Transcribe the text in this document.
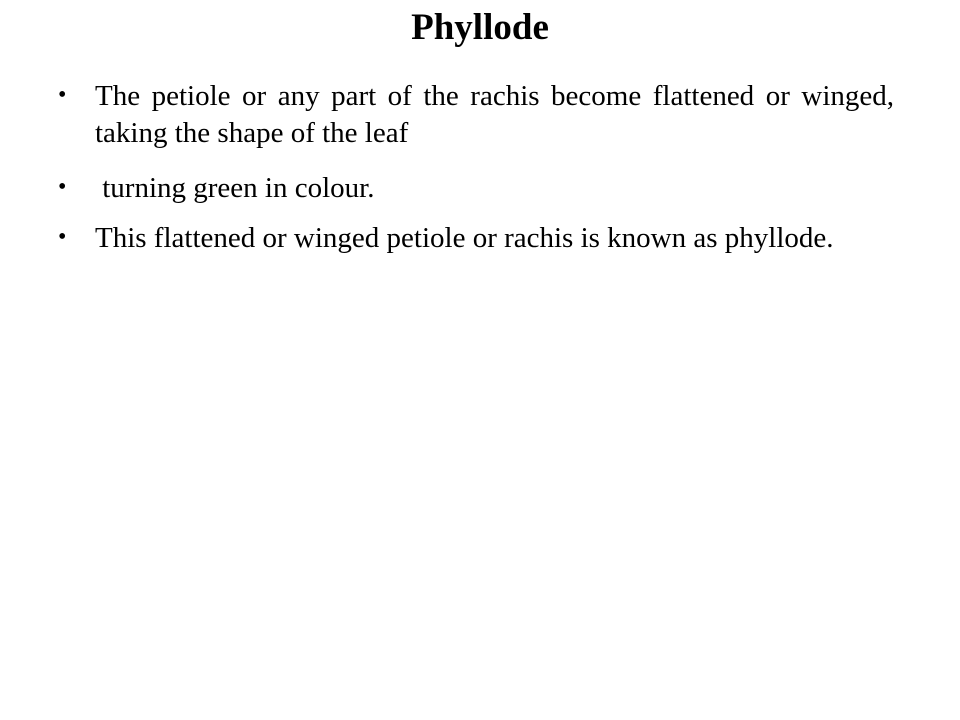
Phyllode
• The petiole or any part of the rachis become flattened or winged, taking the shape of the leaf
• turning green in colour.
• This flattened or winged petiole or rachis is known as phyllode.
